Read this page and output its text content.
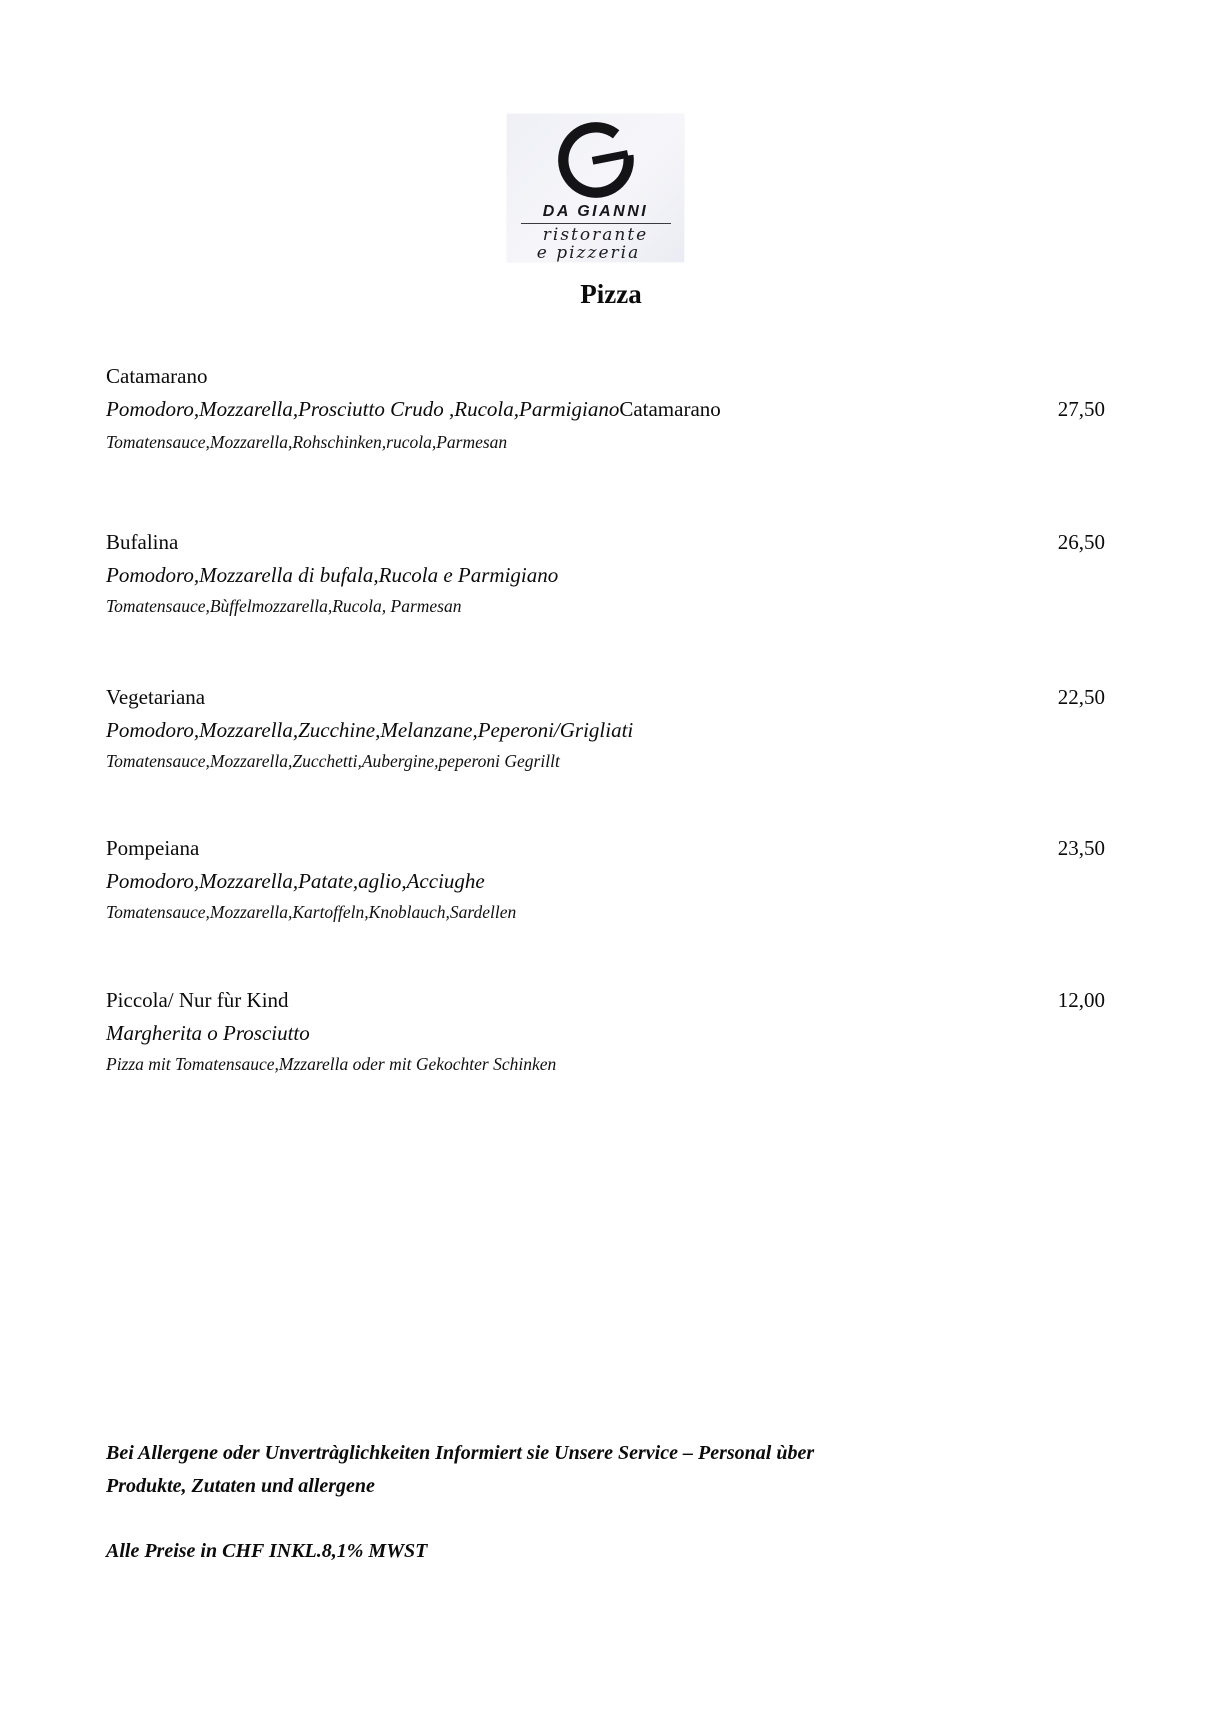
DA GIANNI
ristorante
e pizzeria
Pizza
Catamarano
Pomodoro,Mozzarella,Prosciutto Crudo ,Rucola,ParmigianoCatamarano	27,50
Tomatensauce,Mozzarella,Rohschinken,rucola,Parmesan
Bufalina	26,50
Pomodoro,Mozzarella di bufala,Rucola e Parmigiano
Tomatensauce,Bùffelmozzarella,Rucola, Parmesan
Vegetariana	22,50
Pomodoro,Mozzarella,Zucchine,Melanzane,Peperoni/Grigliati
Tomatensauce,Mozzarella,Zucchetti,Aubergine,peperoni Gegrillt
Pompeiana	23,50
Pomodoro,Mozzarella,Patate,aglio,Acciughe
Tomatensauce,Mozzarella,Kartoffeln,Knoblauch,Sardellen
Piccola/ Nur fùr Kind	12,00
Margherita o Prosciutto
Pizza mit Tomatensauce,Mzzarella oder mit Gekochter Schinken
Bei Allergene oder Unvertràglichkeiten Informiert sie Unsere Service – Personal ùber
Produkte, Zutaten und allergene
Alle Preise in CHF INKL.8,1% MWST
